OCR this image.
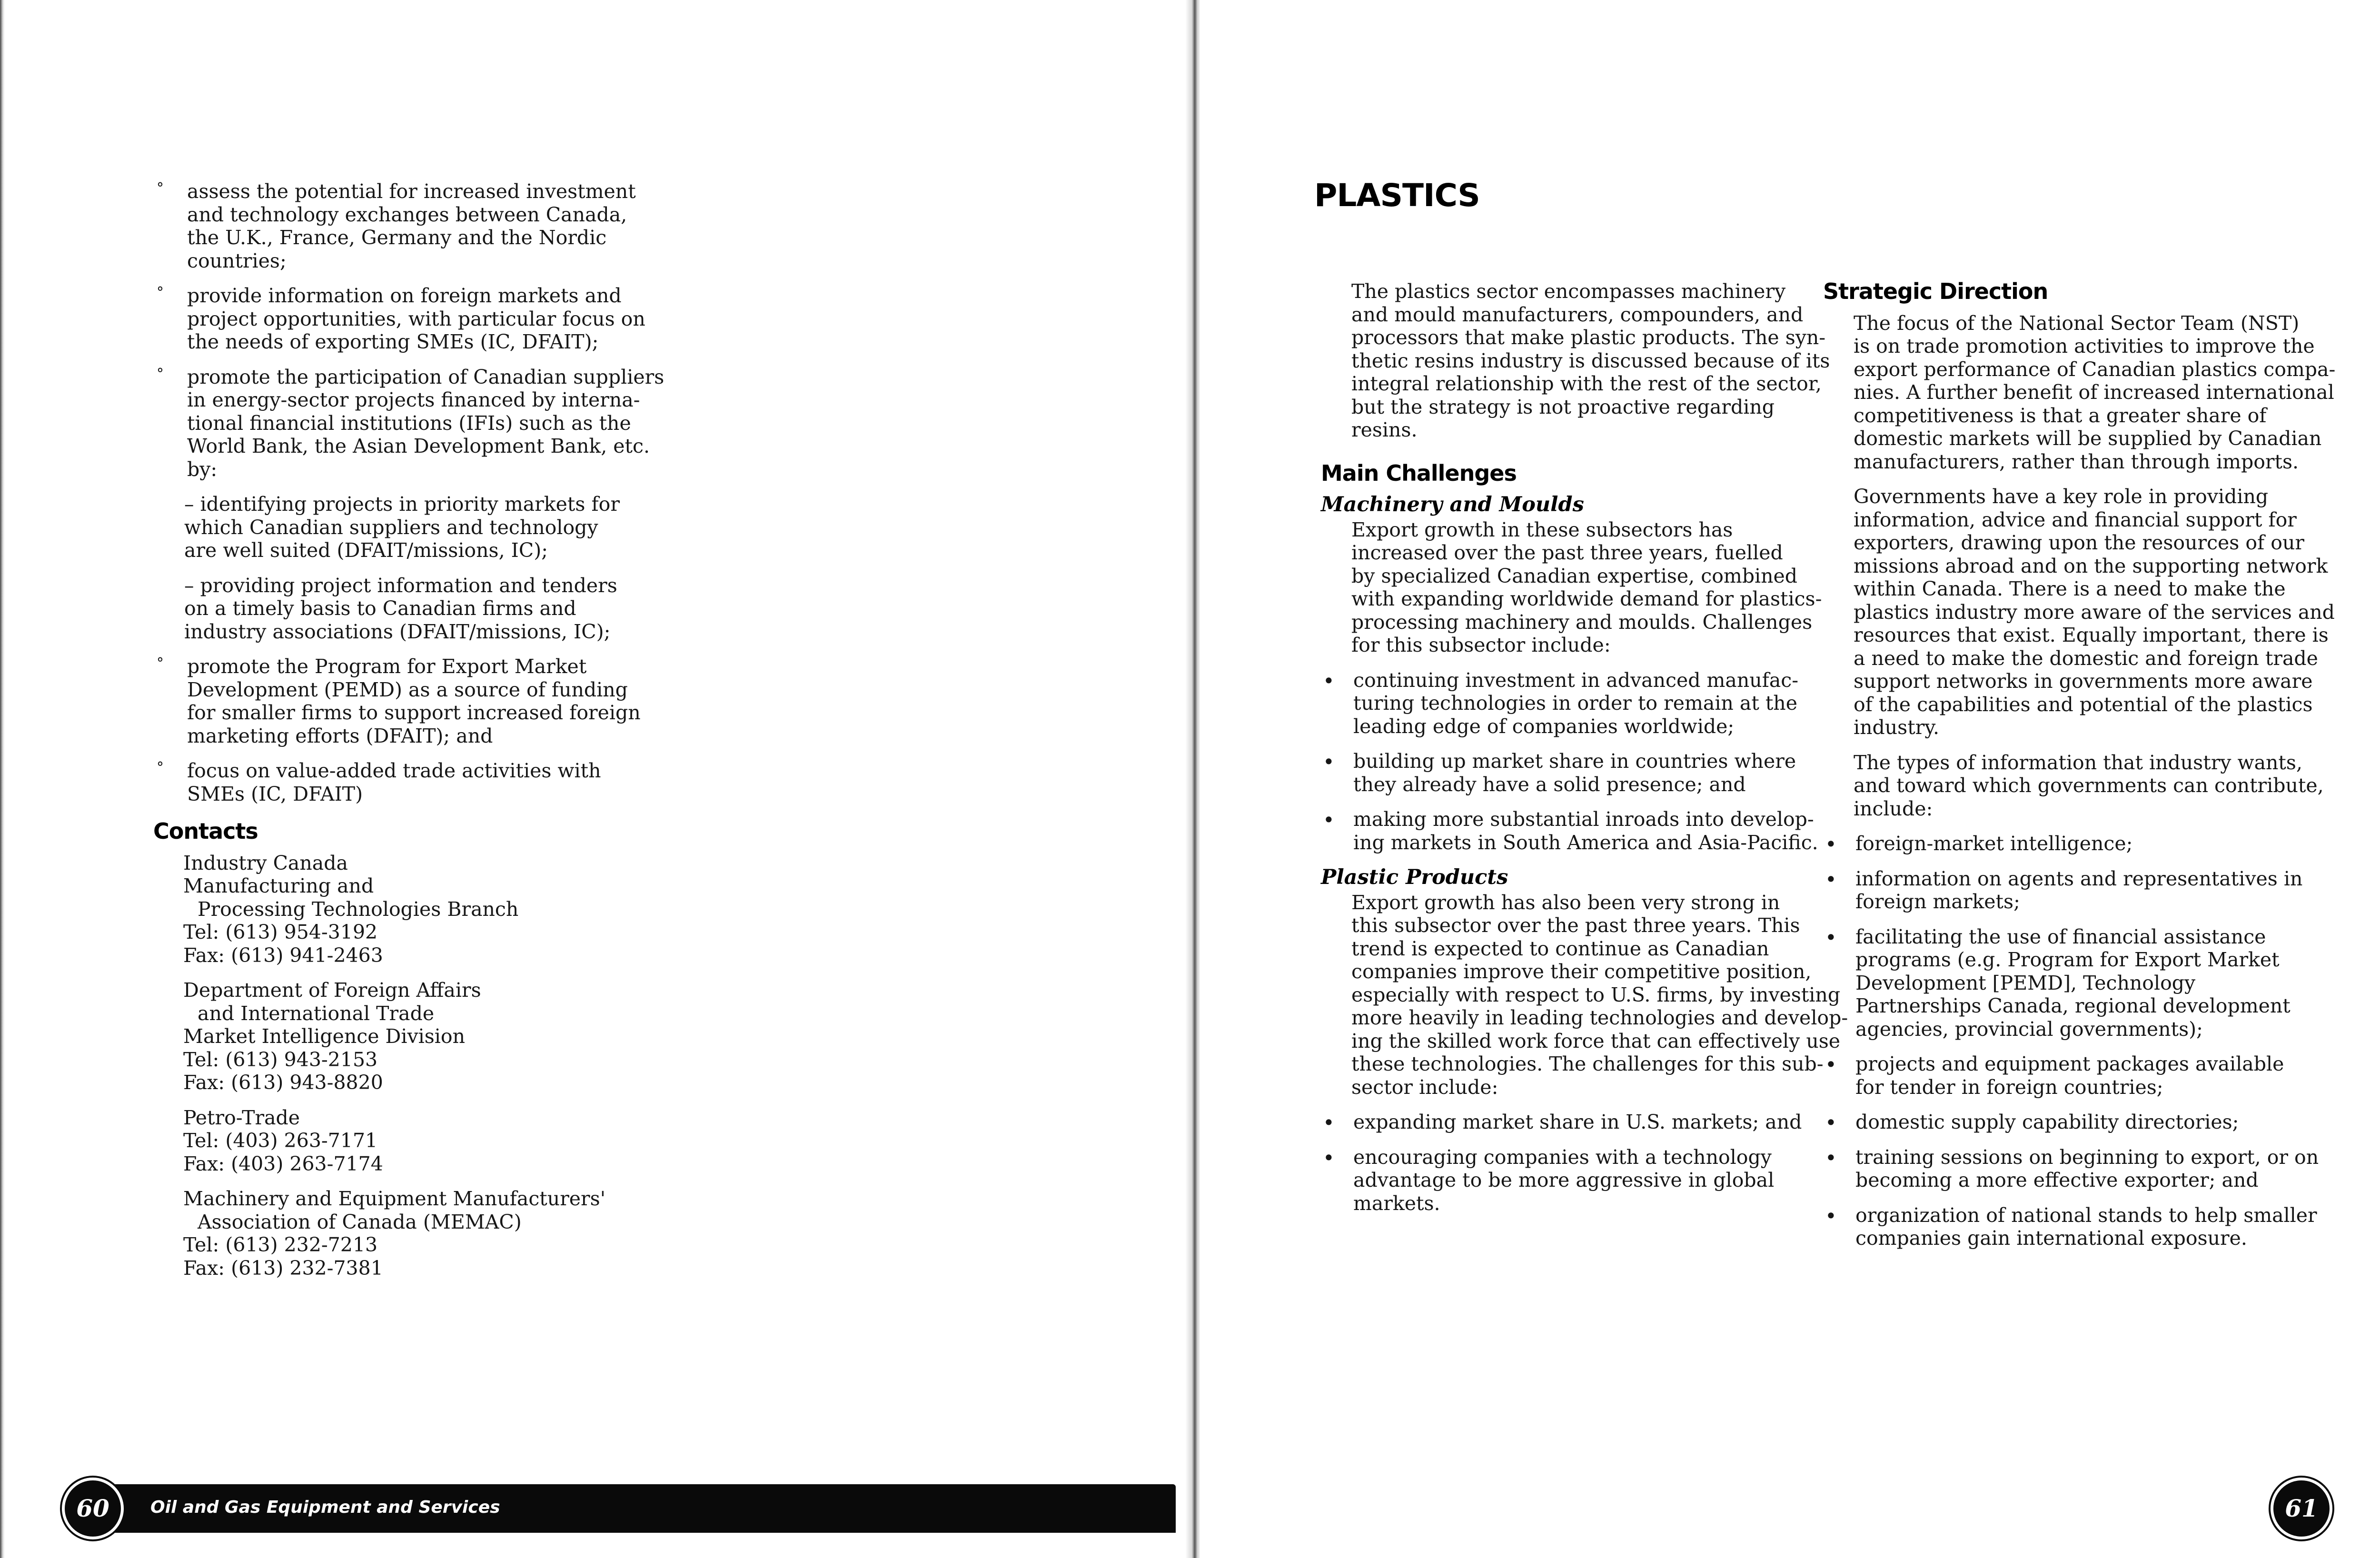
° assess the potential for increased investment
and technology exchanges between Canada,
the U.K., France, Germany and the Nordic
countries;
° provide information on foreign markets and
project opportunities, with particular focus on
the needs of exporting SMEs (IC, DFAIT);
° promote the participation of Canadian suppliers
in energy-sector projects financed by interna-
tional financial institutions (IFIs) such as the
World Bank, the Asian Development Bank, etc.
by:
– identifying projects in priority markets for
which Canadian suppliers and technology
are well suited (DFAIT/missions, IC);
– providing project information and tenders
on a timely basis to Canadian firms and
industry associations (DFAIT/missions, IC);
° promote the Program for Export Market
Development (PEMD) as a source of funding
for smaller firms to support increased foreign
marketing efforts (DFAIT); and
° focus on value-added trade activities with
SMEs (IC, DFAIT)
Contacts
Industry Canada
Manufacturing and
Processing Technologies Branch
Tel: (613) 954-3192
Fax: (613) 941-2463
Department of Foreign Affairs
and International Trade
Market Intelligence Division
Tel: (613) 943-2153
Fax: (613) 943-8820
Petro-Trade
Tel: (403) 263-7171
Fax: (403) 263-7174
Machinery and Equipment Manufacturers'
Association of Canada (MEMAC)
Tel: (613) 232-7213
Fax: (613) 232-7381
Oil and Gas Equipment and Services
60
PLASTICS

The plastics sector encompasses machinery
and mould manufacturers, compounders, and
processors that make plastic products. The syn-
thetic resins industry is discussed because of its
integral relationship with the rest of the sector,
but the strategy is not proactive regarding
resins.

Main Challenges
Machinery and Moulds

Export growth in these subsectors has
increased over the past three years, fuelled
by specialized Canadian expertise, combined
with expanding worldwide demand for plastics-
processing machinery and moulds. Challenges
for this subsector include:

• continuing investment in advanced manufac-
turing technologies in order to remain at the
leading edge of companies worldwide;
• building up market share in countries where
they already have a solid presence; and
• making more substantial inroads into develop-
ing markets in South America and Asia-Pacific.
Plastic Products

Export growth has also been very strong in
this subsector over the past three years. This
trend is expected to continue as Canadian
companies improve their competitive position,
especially with respect to U.S. firms, by investing
more heavily in leading technologies and develop-
ing the skilled work force that can effectively use
these technologies. The challenges for this sub-
sector include:

• expanding market share in U.S. markets; and
• encouraging companies with a technology
advantage to be more aggressive in global
markets.
Strategic Direction

The focus of the National Sector Team (NST)
is on trade promotion activities to improve the
export performance of Canadian plastics compa-
nies. A further benefit of increased international
competitiveness is that a greater share of
domestic markets will be supplied by Canadian
manufacturers, rather than through imports.

Governments have a key role in providing
information, advice and financial support for
exporters, drawing upon the resources of our
missions abroad and on the supporting network
within Canada. There is a need to make the
plastics industry more aware of the services and
resources that exist. Equally important, there is
a need to make the domestic and foreign trade
support networks in governments more aware
of the capabilities and potential of the plastics
industry.

The types of information that industry wants,
and toward which governments can contribute,
include:

• foreign-market intelligence;
• information on agents and representatives in
foreign markets;
• facilitating the use of financial assistance
programs (e.g. Program for Export Market
Development [PEMD], Technology
Partnerships Canada, regional development
agencies, provincial governments);
• projects and equipment packages available
for tender in foreign countries;
• domestic supply capability directories;
• training sessions on beginning to export, or on
becoming a more effective exporter; and
• organization of national stands to help smaller
companies gain international exposure.
61
